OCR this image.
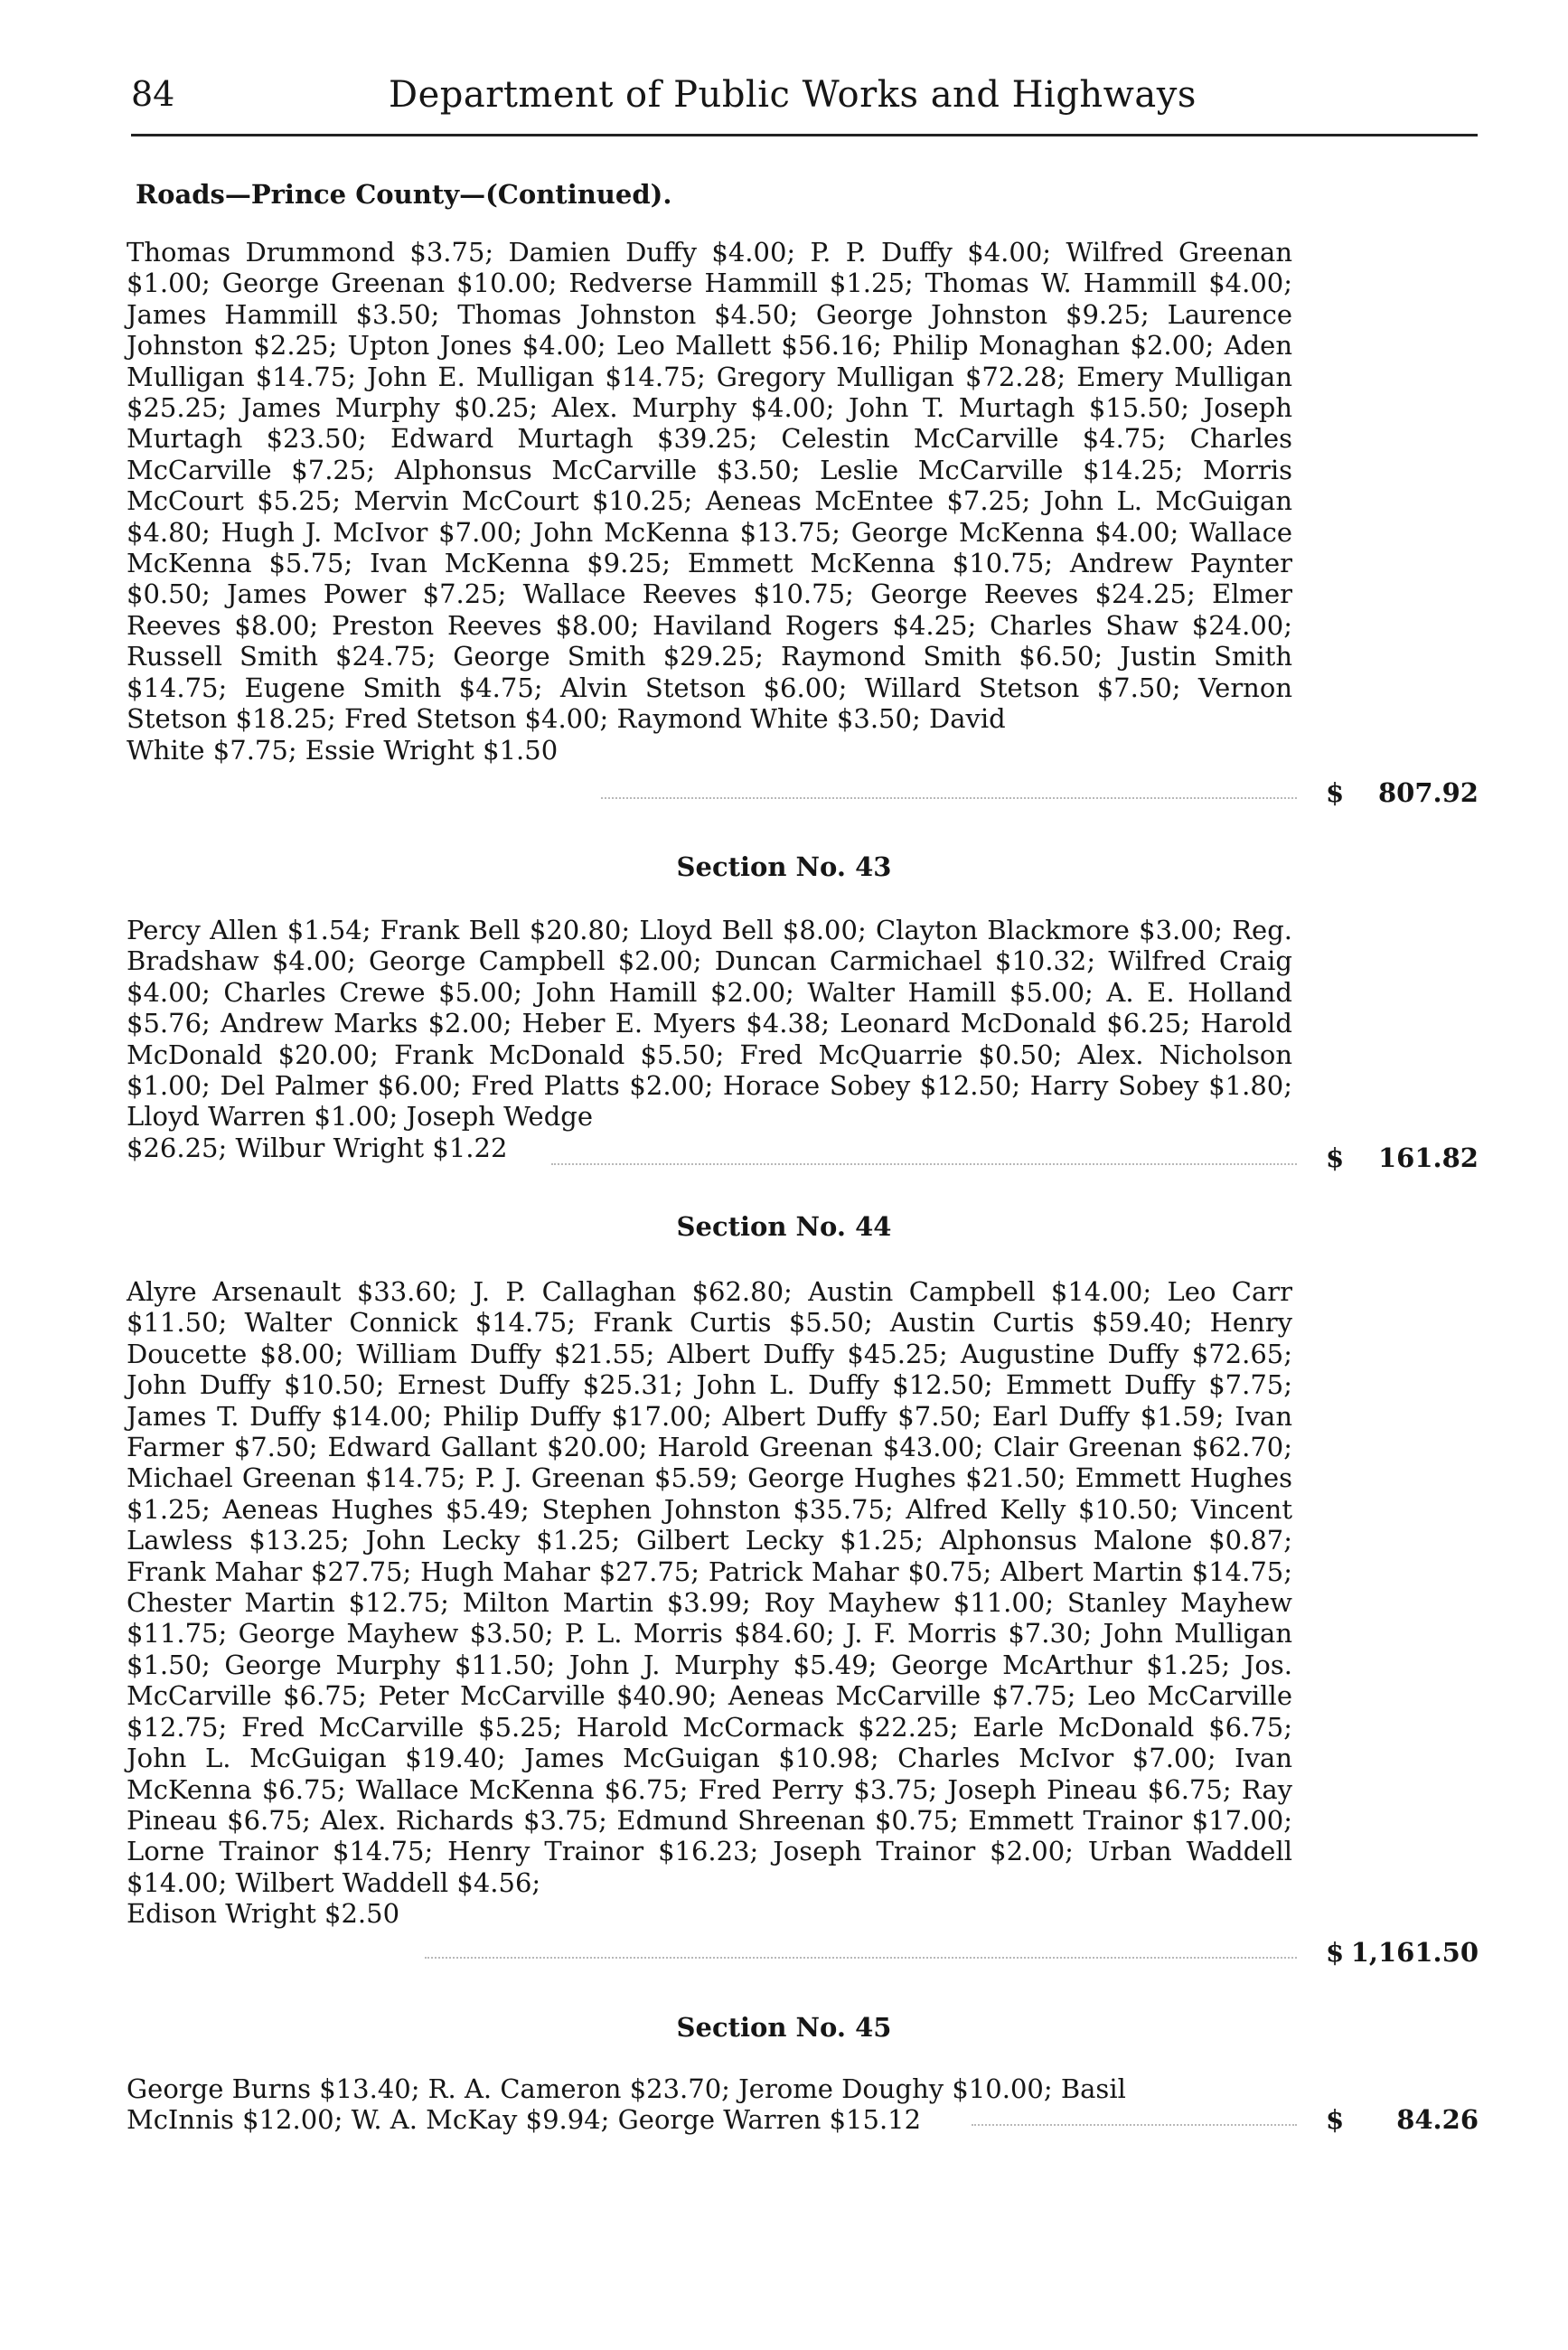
84	Department of Public Works and Highways
Roads—Prince County—(Continued).

Thomas Drummond $3.75; Damien Duffy $4.00; P. P. Duffy $4.00; Wilfred Greenan $1.00; George Greenan $10.00; Redverse Hammill $1.25; Thomas W. Hammill $4.00; James Hammill $3.50; Thomas Johnston $4.50; George Johnston $9.25; Laurence Johnston $2.25; Upton Jones $4.00; Leo Mallett $56.16; Philip Monaghan $2.00; Aden Mulligan $14.75; John E. Mulligan $14.75; Gregory Mulligan $72.28; Emery Mulligan $25.25; James Murphy $0.25; Alex. Murphy $4.00; John T. Murtagh $15.50; Joseph Murtagh $23.50; Edward Murtagh $39.25; Celestin McCarville $4.75; Charles McCarville $7.25; Alphonsus McCarville $3.50; Leslie McCarville $14.25; Morris McCourt $5.25; Mervin McCourt $10.25; Aeneas McEntee $7.25; John L. McGuigan $4.80; Hugh J. McIvor $7.00; John McKenna $13.75; George McKenna $4.00; Wallace McKenna $5.75; Ivan McKenna $9.25; Emmett McKenna $10.75; Andrew Paynter $0.50; James Power $7.25; Wallace Reeves $10.75; George Reeves $24.25; Elmer Reeves $8.00; Preston Reeves $8.00; Haviland Rogers $4.25; Charles Shaw $24.00; Russell Smith $24.75; George Smith $29.25; Raymond Smith $6.50; Justin Smith $14.75; Eugene Smith $4.75; Alvin Stetson $6.00; Willard Stetson $7.50; Vernon Stetson $18.25; Fred Stetson $4.00; Raymond White $3.50; David
White $7.75; Essie Wright $1.50

$ 807.92
Section No. 43

Percy Allen $1.54; Frank Bell $20.80; Lloyd Bell $8.00; Clayton Blackmore $3.00; Reg. Bradshaw $4.00; George Campbell $2.00; Duncan Carmichael $10.32; Wilfred Craig $4.00; Charles Crewe $5.00; John Hamill $2.00; Walter Hamill $5.00; A. E. Holland $5.76; Andrew Marks $2.00; Heber E. Myers $4.38; Leonard McDonald $6.25; Harold McDonald $20.00; Frank McDonald $5.50; Fred McQuarrie $0.50; Alex. Nicholson $1.00; Del Palmer $6.00; Fred Platts $2.00; Horace Sobey $12.50; Harry Sobey $1.80; Lloyd Warren $1.00; Joseph Wedge
$26.25; Wilbur Wright $1.22	$ 161.82
Section No. 44

Alyre Arsenault $33.60; J. P. Callaghan $62.80; Austin Campbell $14.00; Leo Carr $11.50; Walter Connick $14.75; Frank Curtis $5.50; Austin Curtis $59.40; Henry Doucette $8.00; William Duffy $21.55; Albert Duffy $45.25; Augustine Duffy $72.65; John Duffy $10.50; Ernest Duffy $25.31; John L. Duffy $12.50; Emmett Duffy $7.75; James T. Duffy $14.00; Philip Duffy $17.00; Albert Duffy $7.50; Earl Duffy $1.59; Ivan Farmer $7.50; Edward Gallant $20.00; Harold Greenan $43.00; Clair Greenan $62.70; Michael Greenan $14.75; P. J. Greenan $5.59; George Hughes $21.50; Emmett Hughes $1.25; Aeneas Hughes $5.49; Stephen Johnston $35.75; Alfred Kelly $10.50; Vincent Lawless $13.25; John Lecky $1.25; Gilbert Lecky $1.25; Alphonsus Malone $0.87; Frank Mahar $27.75; Hugh Mahar $27.75; Patrick Mahar $0.75; Albert Martin $14.75; Chester Martin $12.75; Milton Martin $3.99; Roy Mayhew $11.00; Stanley Mayhew $11.75; George Mayhew $3.50; P. L. Morris $84.60; J. F. Morris $7.30; John Mulligan $1.50; George Murphy $11.50; John J. Murphy $5.49; George McArthur $1.25; Jos. McCarville $6.75; Peter McCarville $40.90; Aeneas McCarville $7.75; Leo McCarville $12.75; Fred McCarville $5.25; Harold McCormack $22.25; Earle McDonald $6.75; John L. McGuigan $19.40; James McGuigan $10.98; Charles McIvor $7.00; Ivan McKenna $6.75; Wallace McKenna $6.75; Fred Perry $3.75; Joseph Pineau $6.75; Ray Pineau $6.75; Alex. Richards $3.75; Edmund Shreenan $0.75; Emmett Trainor $17.00; Lorne Trainor $14.75; Henry Trainor $16.23; Joseph Trainor $2.00; Urban Waddell $14.00; Wilbert Waddell $4.56;
Edison Wright $2.50

$ 1,161.50
Section No. 45

George Burns $13.40; R. A. Cameron $23.70; Jerome Doughy $10.00; Basil
McInnis $12.00; W. A. McKay $9.94; George Warren $15.12	$ 84.26
